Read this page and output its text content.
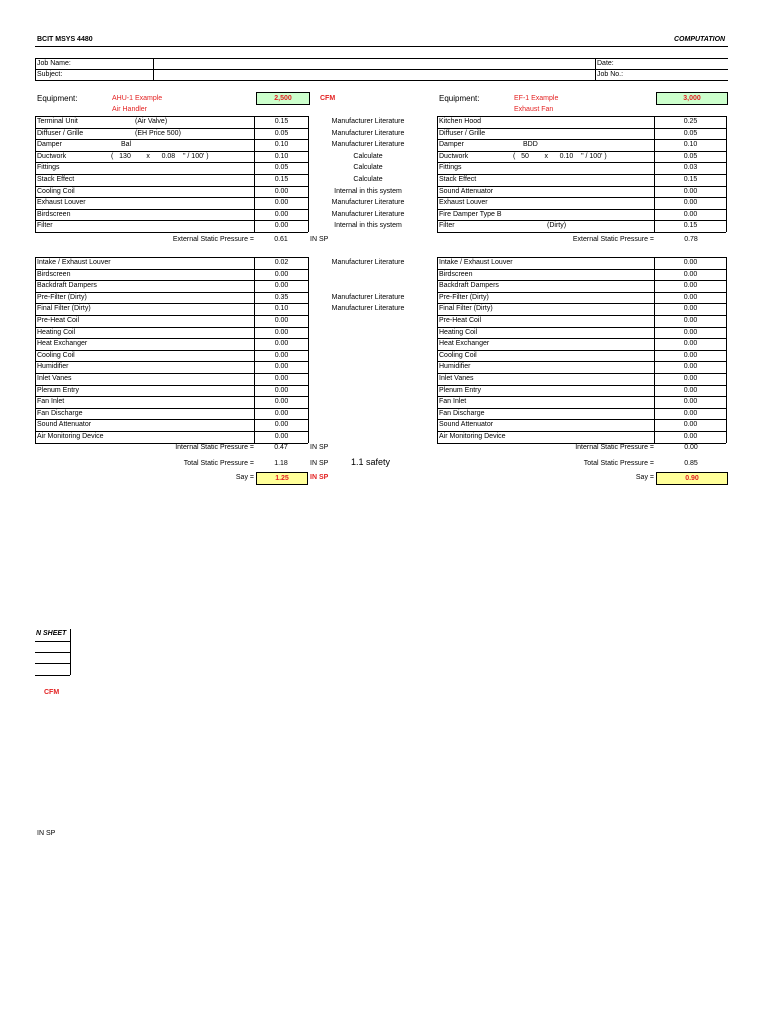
BCIT MSYS 4480	COMPUTATION
Job Name:
Subject:
Date:
Job No.:
Equipment:	AHU-1 Example
Air Handler
2,500	CFM
Terminal Unit	(Air Valve)	0.15	Manufacturer Literature
Diffuser / Grille	(EH Price 500)	0.05	Manufacturer Literature
Damper	Bal	0.10	Manufacturer Literature
Ductwork	(   130        x      0.08    " / 100' )	0.10	Calculate
Fittings	0.05	Calculate
Stack Effect	0.15	Calculate
Cooling Coil	0.00	Internal in this system
Exhaust Louver	0.00	Manufacturer Literature
Birdscreen	0.00	Manufacturer Literature
Filter	0.00	Internal in this system
Intake / Exhaust Louver	0.02	Manufacturer Literature
Birdscreen	0.00
Backdraft Dampers	0.00
Pre-Filter (Dirty)	0.35	Manufacturer Literature
Final Filter (Dirty)	0.10	Manufacturer Literature
Pre-Heat Coil	0.00
Heating Coil	0.00
Heat Exchanger	0.00
Cooling Coil	0.00
Humidifier	0.00
Inlet Vanes	0.00
Plenum Entry	0.00
Fan Inlet	0.00
Fan Discharge	0.00
Sound Attenuator	0.00
Air Monitoring Device	0.00
Equipment:	EF-1 Example
Exhaust Fan
3,000
Kitchen Hood	0.25
Diffuser / Grille	0.05
Damper	BDD	0.10
Ductwork	(   50        x      0.10    " / 100' )	0.05
Fittings	0.03
Stack Effect	0.15
Sound Attenuator	0.00
Exhaust Louver	0.00
Fire Damper Type B	0.00
Filter	(Dirty)	0.15
Intake / Exhaust Louver	0.00
Birdscreen	0.00
Backdraft Dampers	0.00
Pre-Filter (Dirty)	0.00
Final Filter (Dirty)	0.00
Pre-Heat Coil	0.00
Heating Coil	0.00
Heat Exchanger	0.00
Cooling Coil	0.00
Humidifier	0.00
Inlet Vanes	0.00
Plenum Entry	0.00
Fan Inlet	0.00
Fan Discharge	0.00
Sound Attenuator	0.00
Air Monitoring Device	0.00
External Static Pressure =	0.61	IN SP
Internal Static Pressure =	0.47	IN SP
Total Static Pressure =	1.18	IN SP	1.1 safety
Say =	1.25	IN SP
External Static Pressure =	0.78
Internal Static Pressure =	0.00
Total Static Pressure =	0.85
Say =	0.90
N SHEET
CFM
IN SP
